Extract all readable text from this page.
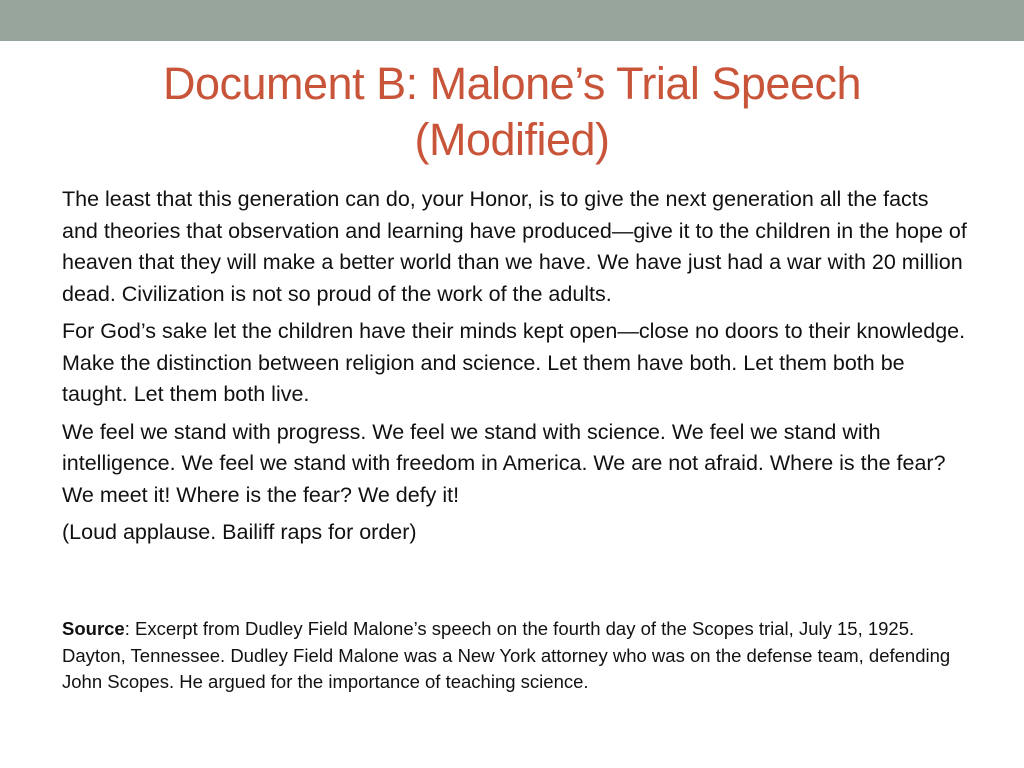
Document B: Malone’s Trial Speech (Modified)

The least that this generation can do, your Honor, is to give the next generation all the facts and theories that observation and learning have produced—give it to the children in the hope of heaven that they will make a better world than we have. We have just had a war with 20 million dead. Civilization is not so proud of the work of the adults.

For God’s sake let the children have their minds kept open—close no doors to their knowledge. Make the distinction between religion and science. Let them have both. Let them both be taught. Let them both live.

We feel we stand with progress. We feel we stand with science. We feel we stand with intelligence. We feel we stand with freedom in America. We are not afraid. Where is the fear? We meet it! Where is the fear? We defy it!

(Loud applause. Bailiff raps for order)

Source: Excerpt from Dudley Field Malone’s speech on the fourth day of the Scopes trial, July 15, 1925. Dayton, Tennessee. Dudley Field Malone was a New York attorney who was on the defense team, defending John Scopes. He argued for the importance of teaching science.
